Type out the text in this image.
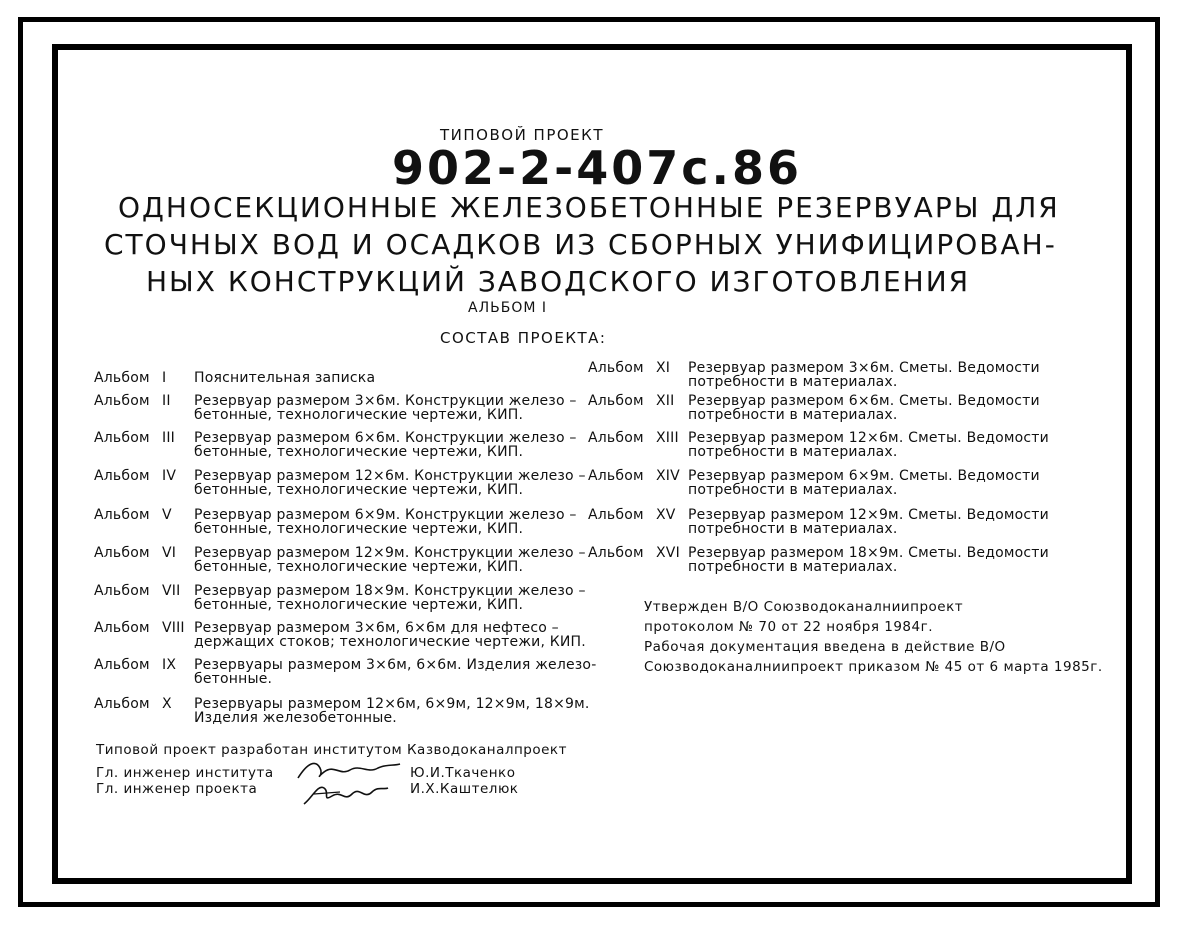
ТИПОВОЙ ПРОЕКТ
902-2-407с.86
ОДНОСЕКЦИОННЫЕ ЖЕЛЕЗОБЕТОННЫЕ РЕЗЕРВУАРЫ ДЛЯ
СТОЧНЫХ ВОД И ОСАДКОВ ИЗ СБОРНЫХ УНИФИЦИРОВАН-
НЫХ КОНСТРУКЦИЙ ЗАВОДСКОГО ИЗГОТОВЛЕНИЯ
АЛЬБОМ I
СОСТАВ ПРОЕКТА:
Альбом I Пояснительная записка
Альбом II Резервуар размером 3×6м. Конструкции железо –
бетонные, технологические чертежи, КИП.
Альбом III Резервуар размером 6×6м. Конструкции железо –
бетонные, технологические чертежи, КИП.
Альбом IV Резервуар размером 12×6м. Конструкции железо –
бетонные, технологические чертежи, КИП.
Альбом V Резервуар размером 6×9м. Конструкции железо –
бетонные, технологические чертежи, КИП.
Альбом VI Резервуар размером 12×9м. Конструкции железо –
бетонные, технологические чертежи, КИП.
Альбом VII Резервуар размером 18×9м. Конструкции железо –
бетонные, технологические чертежи, КИП.
Альбом VIII Резервуар размером 3×6м, 6×6м для нефтесо –
держащих стоков; технологические чертежи, КИП.
Альбом IX Резервуары размером 3×6м, 6×6м. Изделия железо-
бетонные.
Альбом X Резервуары размером 12×6м, 6×9м, 12×9м, 18×9м.
Изделия железобетонные.
Альбом XI Резервуар размером 3×6м. Сметы. Ведомости
потребности в материалах.
Альбом XII Резервуар размером 6×6м. Сметы. Ведомости
потребности в материалах.
Альбом XIII Резервуар размером 12×6м. Сметы. Ведомости
потребности в материалах.
Альбом XIV Резервуар размером 6×9м. Сметы. Ведомости
потребности в материалах.
Альбом XV Резервуар размером 12×9м. Сметы. Ведомости
потребности в материалах.
Альбом XVI Резервуар размером 18×9м. Сметы. Ведомости
потребности в материалах.
Утвержден В/О Союзводоканалниипроект
протоколом № 70 от 22 ноября 1984г.
Рабочая документация введена в действие В/О
Союзводоканалниипроект приказом № 45 от 6 марта 1985г.
Типовой проект разработан институтом Казводоканалпроект
Гл. инженер института	Ю.И.Ткаченко
Гл. инженер проекта	И.Х.Каштелюк
